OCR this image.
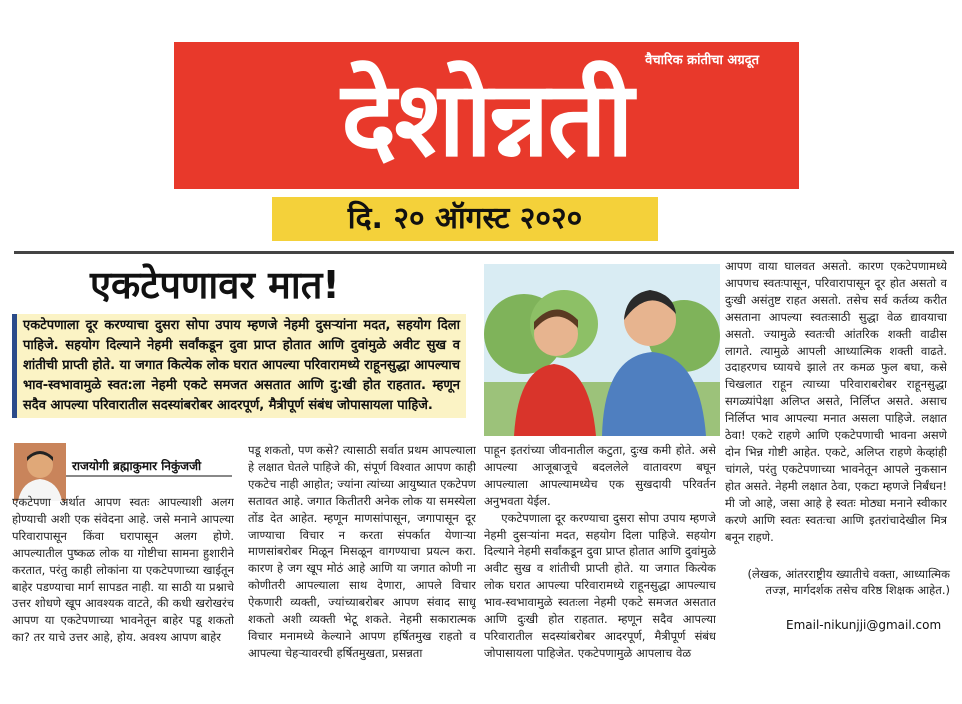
वैचारिक क्रांतीचा अग्रदूत
देशोन्नती
दि. २० ऑगस्ट २०२०
एकटेपणावर मात!
एकटेपणाला दूर करण्याचा दुसरा सोपा उपाय म्हणजे नेहमी दुसऱ्यांना मदत, सहयोग दिला पाहिजे. सहयोग दिल्याने नेहमी सर्वांकडून दुवा प्राप्त होतात आणि दुवांमुळे अवीट सुख व शांतीची प्राप्ती होते. या जगात कित्येक लोक घरात आपल्या परिवारामध्ये राहूनसुद्धा आपल्याच भाव-स्वभावामुळे स्वत:ला नेहमी एकटे समजत असतात आणि दु:खी होत राहतात. म्हणून सदैव आपल्या परिवारातील सदस्यांबरोबर आदरपूर्ण, मैत्रीपूर्ण संबंध जोपासायला पाहिजे.
राजयोगी ब्रह्माकुमार निकुंजजी

एकटेपणा अर्थात आपण स्वतः आपल्याशी अलग होण्याची अशी एक संवेदना आहे. जसे मनाने आपल्या परिवारापासून किंवा घरापासून अलग होणे. आपल्यातील पुष्कळ लोक या गोष्टीचा सामना हुशारीने करतात, परंतु काही लोकांना या एकटेपणाच्या खाईतून बाहेर पडण्याचा मार्ग सापडत नाही. या साठी या प्रश्नाचे उत्तर शोधणे खूप आवश्यक वाटते, की कधी खरोखरंच आपण या एकटेपणाच्या भावनेतून बाहेर पडू शकतो का? तर याचे उत्तर आहे, होय. अवश्य आपण बाहेर

पडू शकतो, पण कसे? त्यासाठी सर्वात प्रथम आपल्याला हे लक्षात घेतले पाहिजे की, संपूर्ण विश्वात आपण काही एकटेच नाही आहोत; ज्यांना त्यांच्या आयुष्यात एकटेपण सतावत आहे. जगात कितीतरी अनेक लोक या समस्येला तोंड देत आहेत. म्हणून माणसांपासून, जगापासून दूर जाण्याचा विचार न करता संपर्कात येणाऱ्या माणसांबरोबर मिळून मिसळून वागण्याचा प्रयत्न करा. कारण हे जग खूप मोठं आहे आणि या जगात कोणी ना कोणीतरी आपल्याला साथ देणारा, आपले विचार ऐकणारी व्यक्ती, ज्यांच्याबरोबर आपण संवाद साधू शकतो अशी व्यक्ती भेटू शकते. नेहमी सकारात्मक विचार मनामध्ये केल्याने आपण हर्षितमुख राहतो व आपल्या चेहऱ्यावरची हर्षितमुखता, प्रसन्नता

पाहून इतरांच्या जीवनातील कटुता, दुःख कमी होते. असे आपल्या आजूबाजूचे बदललेले वातावरण बघून आपल्याला आपल्यामध्येच एक सुखदायी परिवर्तन अनुभवता येईल.

एकटेपणाला दूर करण्याचा दुसरा सोपा उपाय म्हणजे नेहमी दुसऱ्यांना मदत, सहयोग दिला पाहिजे. सहयोग दिल्याने नेहमी सर्वांकडून दुवा प्राप्त होतात आणि दुवांमुळे अवीट सुख व शांतीची प्राप्ती होते. या जगात कित्येक लोक घरात आपल्या परिवारामध्ये राहूनसुद्धा आपल्याच भाव-स्वभावामुळे स्वतःला नेहमी एकटे समजत असतात आणि दुःखी होत राहतात. म्हणून सदैव आपल्या परिवारातील सदस्यांबरोबर आदरपूर्ण, मैत्रीपूर्ण संबंध जोपासायला पाहिजेत. एकटेपणामुळे आपलाच वेळ

आपण वाया घालवत असतो. कारण एकटेपणामध्ये आपणच स्वतःपासून, परिवारापासून दूर होत असतो व दुःखी असंतुष्ट राहत असतो. तसेच सर्व कर्तव्य करीत असताना आपल्या स्वतःसाठी सुद्धा वेळ द्यावयाचा असतो. ज्यामुळे स्वतःची आंतरिक शक्ती वाढीस लागते. त्यामुळे आपली आध्यात्मिक शक्ती वाढते. उदाहरणच घ्यायचे झाले तर कमळ फुल बघा, कसे चिखलात राहून त्याच्या परिवाराबरोबर राहूनसुद्धा सगळ्यांपेक्षा अलिप्त असते, निर्लिप्त असते. असाच निर्लिप्त भाव आपल्या मनात असला पाहिजे. लक्षात ठेवा! एकटे राहणे आणि एकटेपणाची भावना असणे दोन भिन्न गोष्टी आहेत. एकटे, अलिप्त राहणे केव्हांही चांगले, परंतु एकटेपणाच्या भावनेतून आपले नुकसान होत असते. नेहमी लक्षात ठेवा, एकटा म्हणजे निर्बंधन! मी जो आहे, जसा आहे हे स्वतः मोठ्या मनाने स्वीकार करणे आणि स्वतः स्वतःचा आणि इतरांचादेखील मित्र बनून राहणे.

(लेखक, आंतरराष्ट्रीय ख्यातीचे वक्ता, आध्यात्मिक तज्ज्ञ, मार्गदर्शक तसेच वरिष्ठ शिक्षक आहेत.)
Email-nikunjji@gmail.com
